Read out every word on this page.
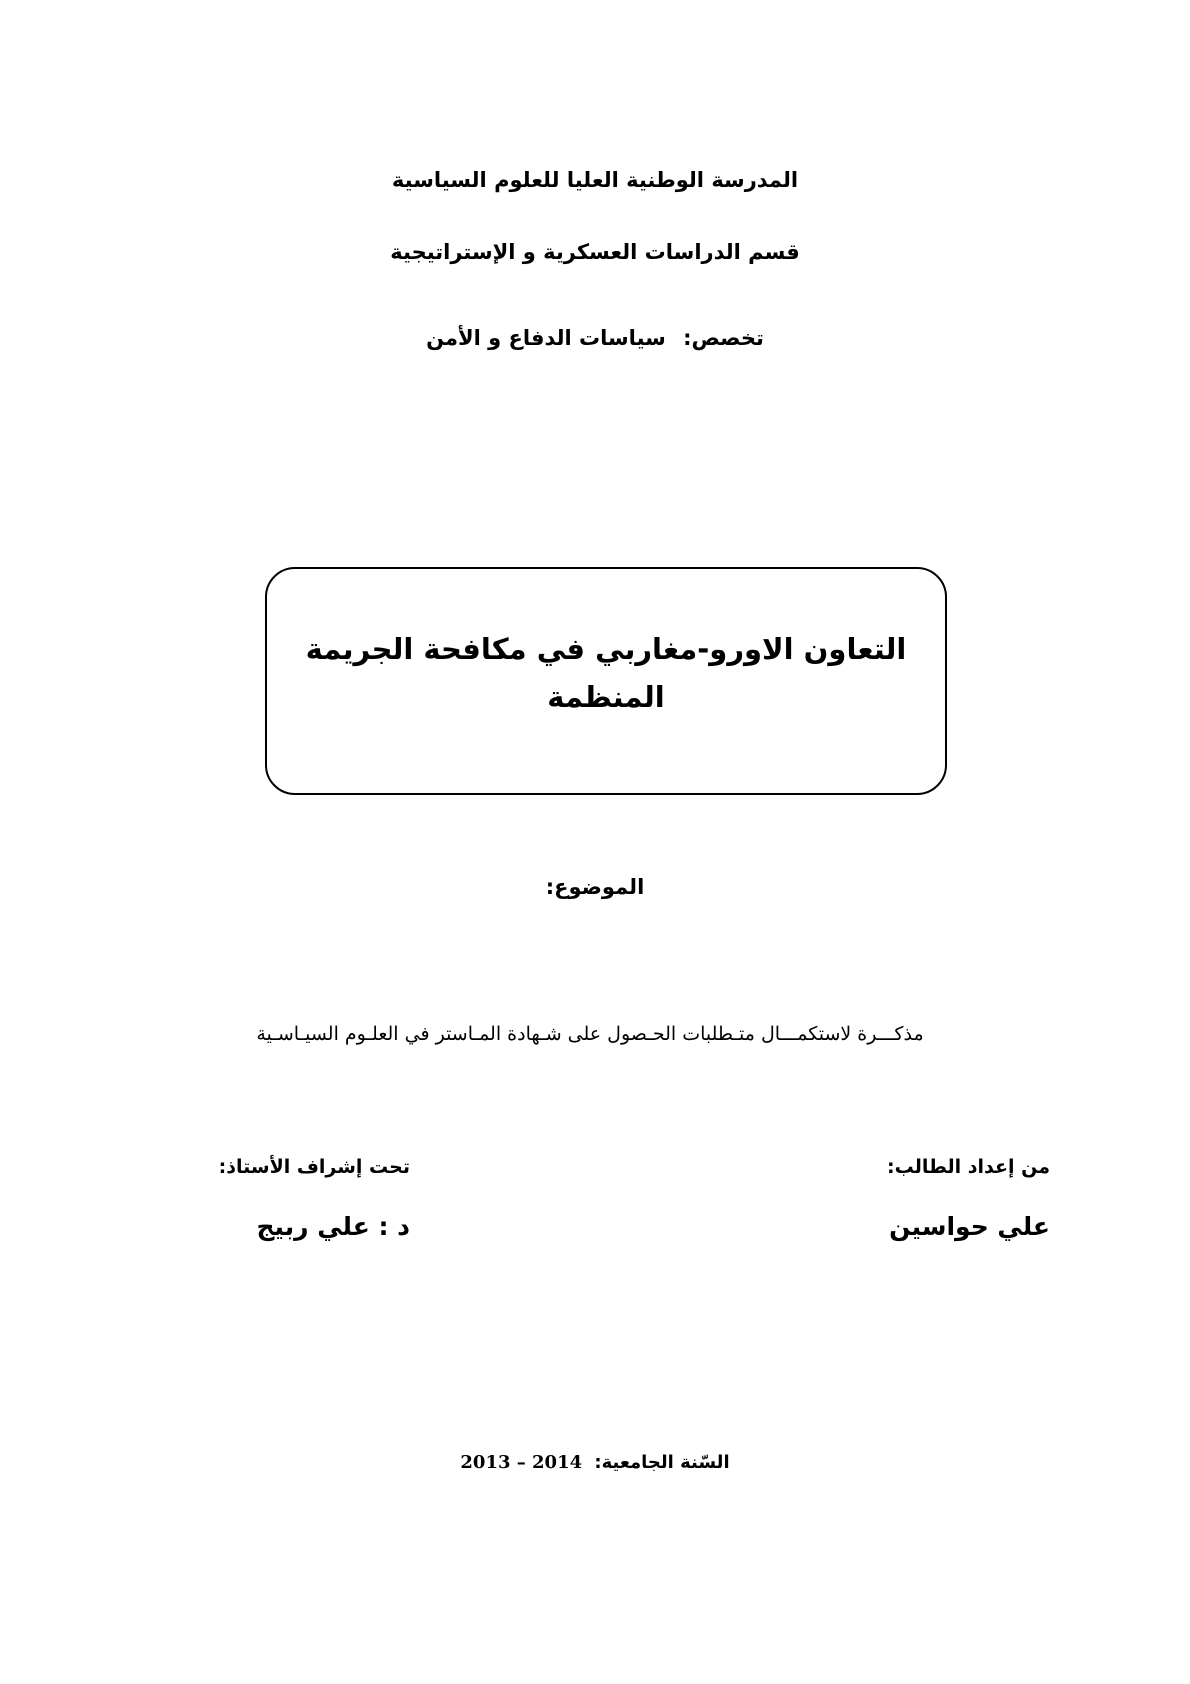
المدرسة الوطنية العليا للعلوم السياسية
قسم الدراسات العسكرية و الإستراتيجية
تخصص: سياسات الدفاع و الأمن
التعاون الاورو-مغاربي في مكافحة الجريمة
المنظمة
الموضوع:
مذكـــرة لاستكمـــال متـطلبات الحـصول على شـهادة المـاستر في العلـوم السيـاسـية
من إعداد الطالب:
علي حواسين
تحت إشراف الأستاذ:
د : علي ربيج
السّنة الجامعية: 2013 – 2014
